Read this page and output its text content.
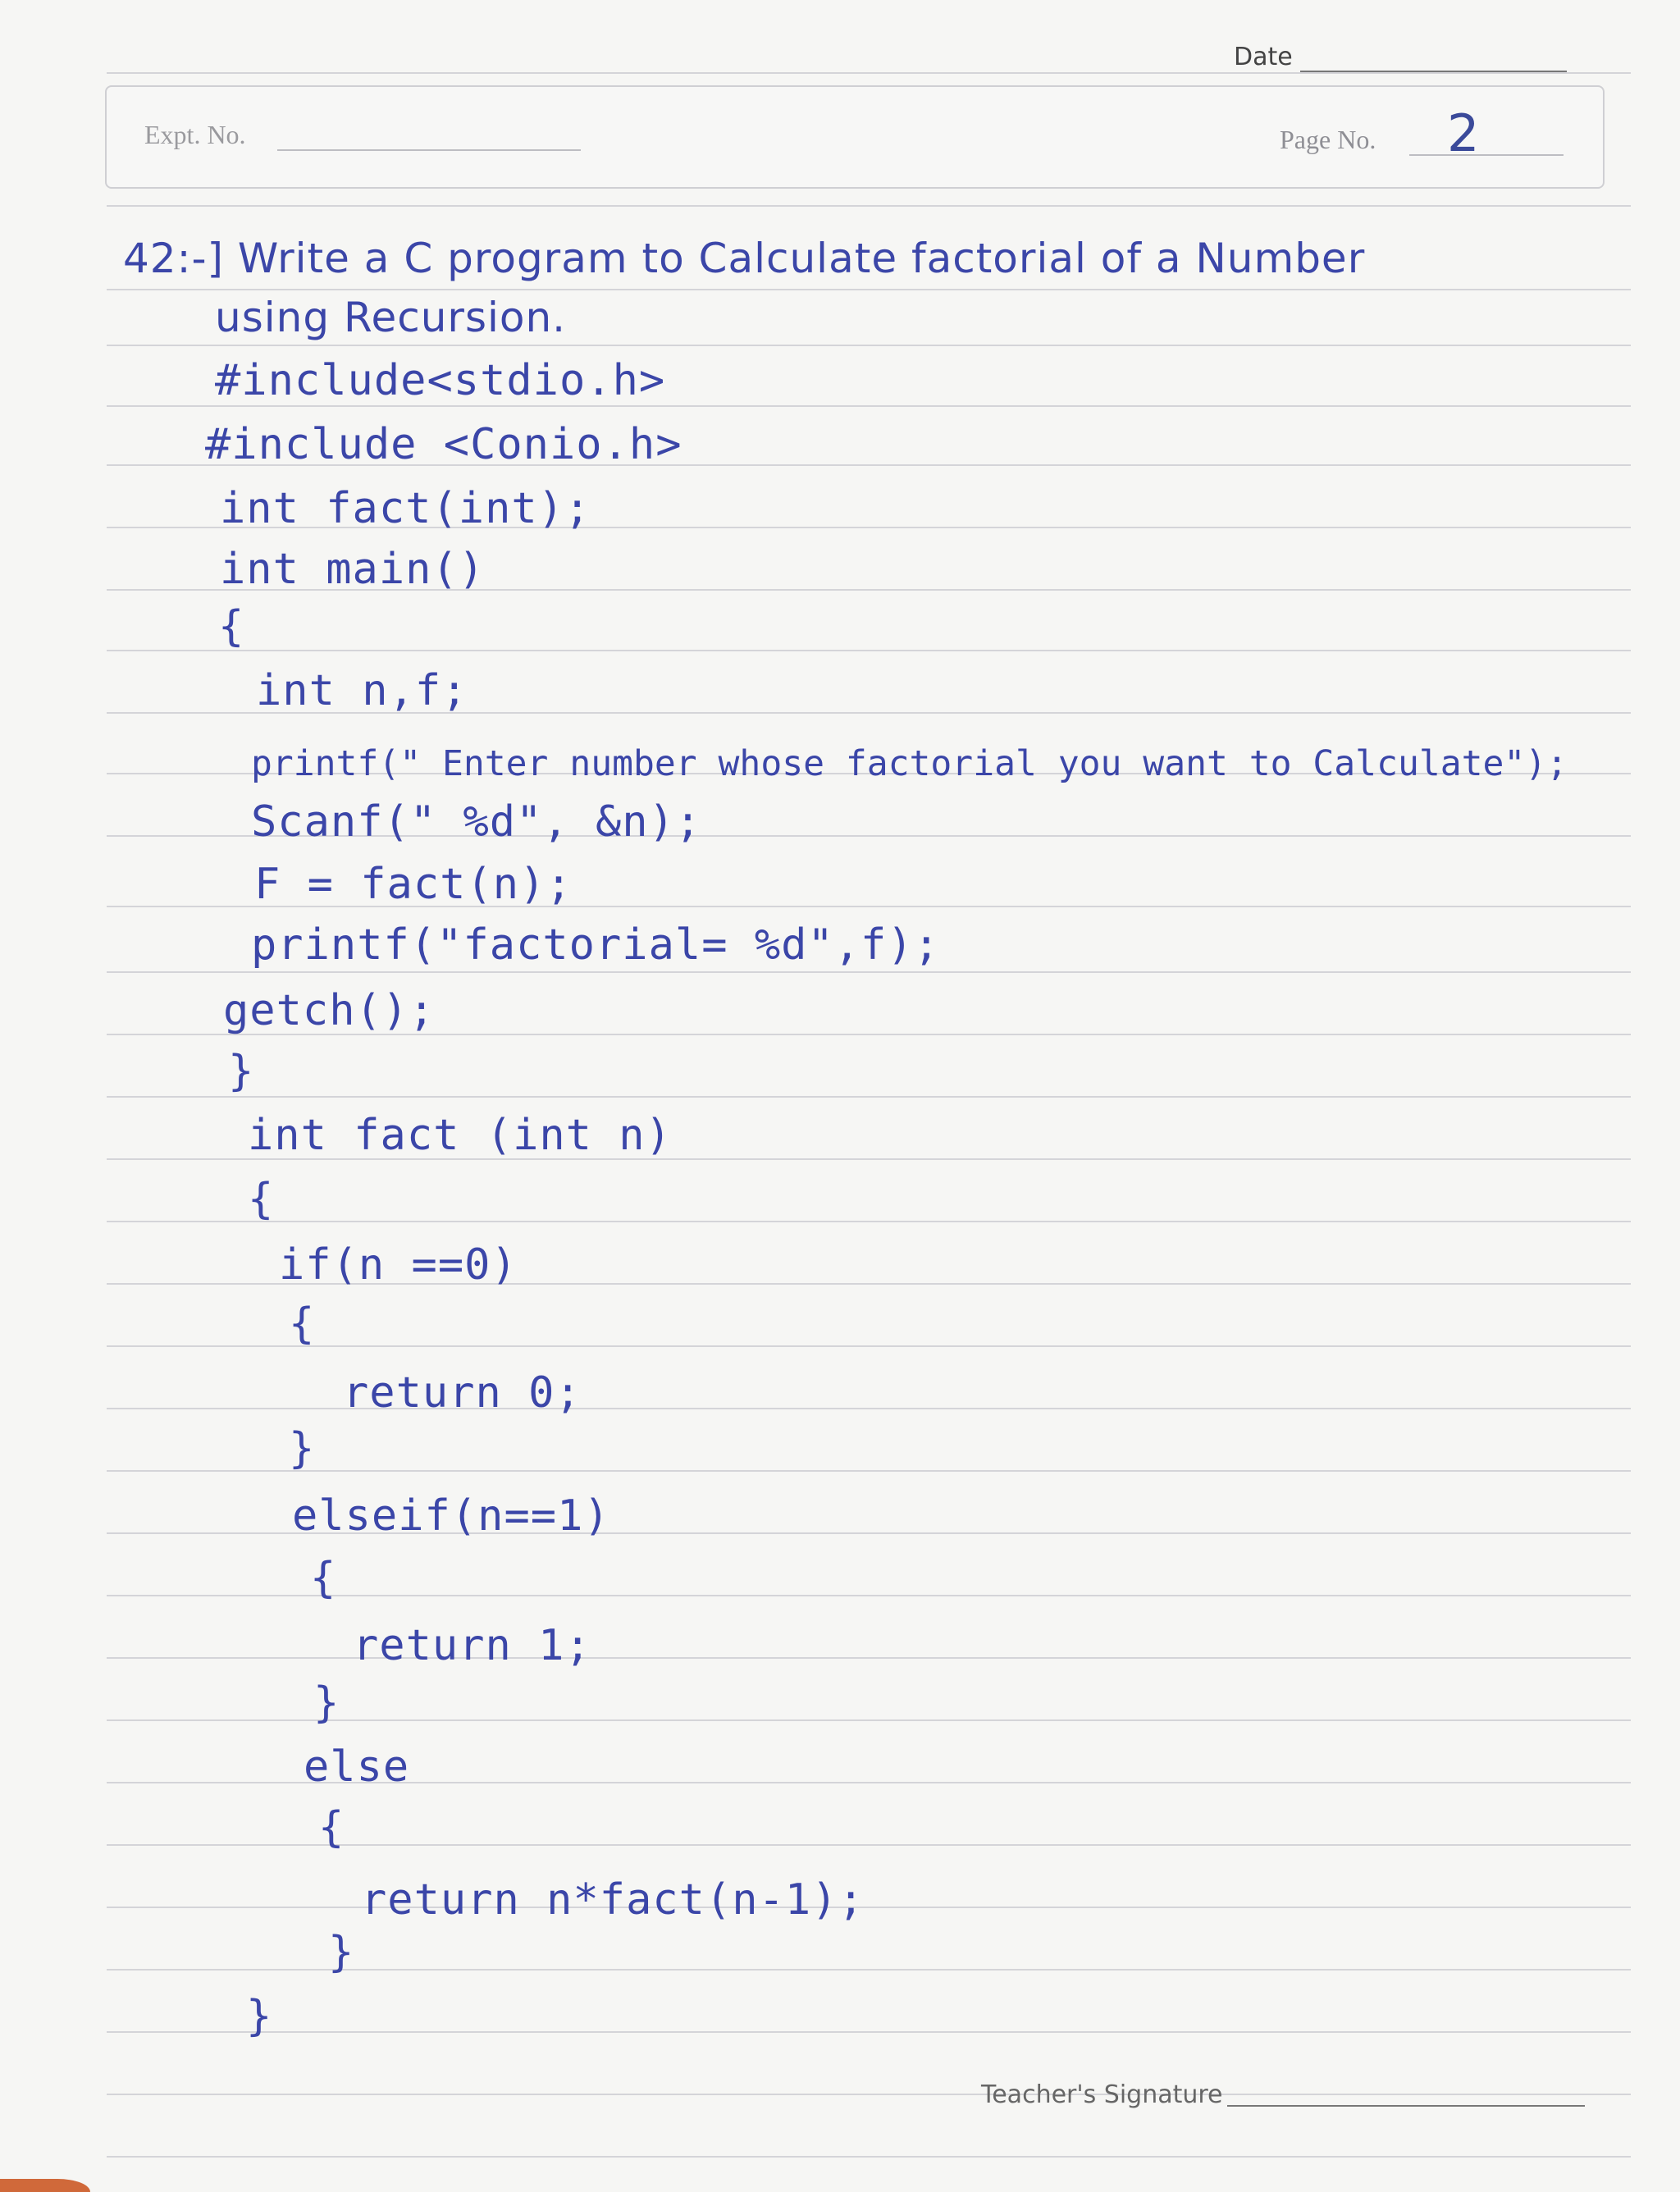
Date
Expt. No.	Page No. 2
42:-] Write a C program to Calculate factorial of a Number
using Recursion.
#include<stdio.h>
#include <Conio.h>
int fact(int);
int main()
{
int n,f;
printf(" Enter number whose factorial you want to Calculate");
Scanf(" %d", &n);
F = fact(n);
printf("factorial= %d",f);
getch();
}
int fact (int n)
{
if(n ==0)
{
return 0;
}
elseif(n==1)
{
return 1;
}
else
{
return n*fact(n-1);
}
}
Teacher's Signature
